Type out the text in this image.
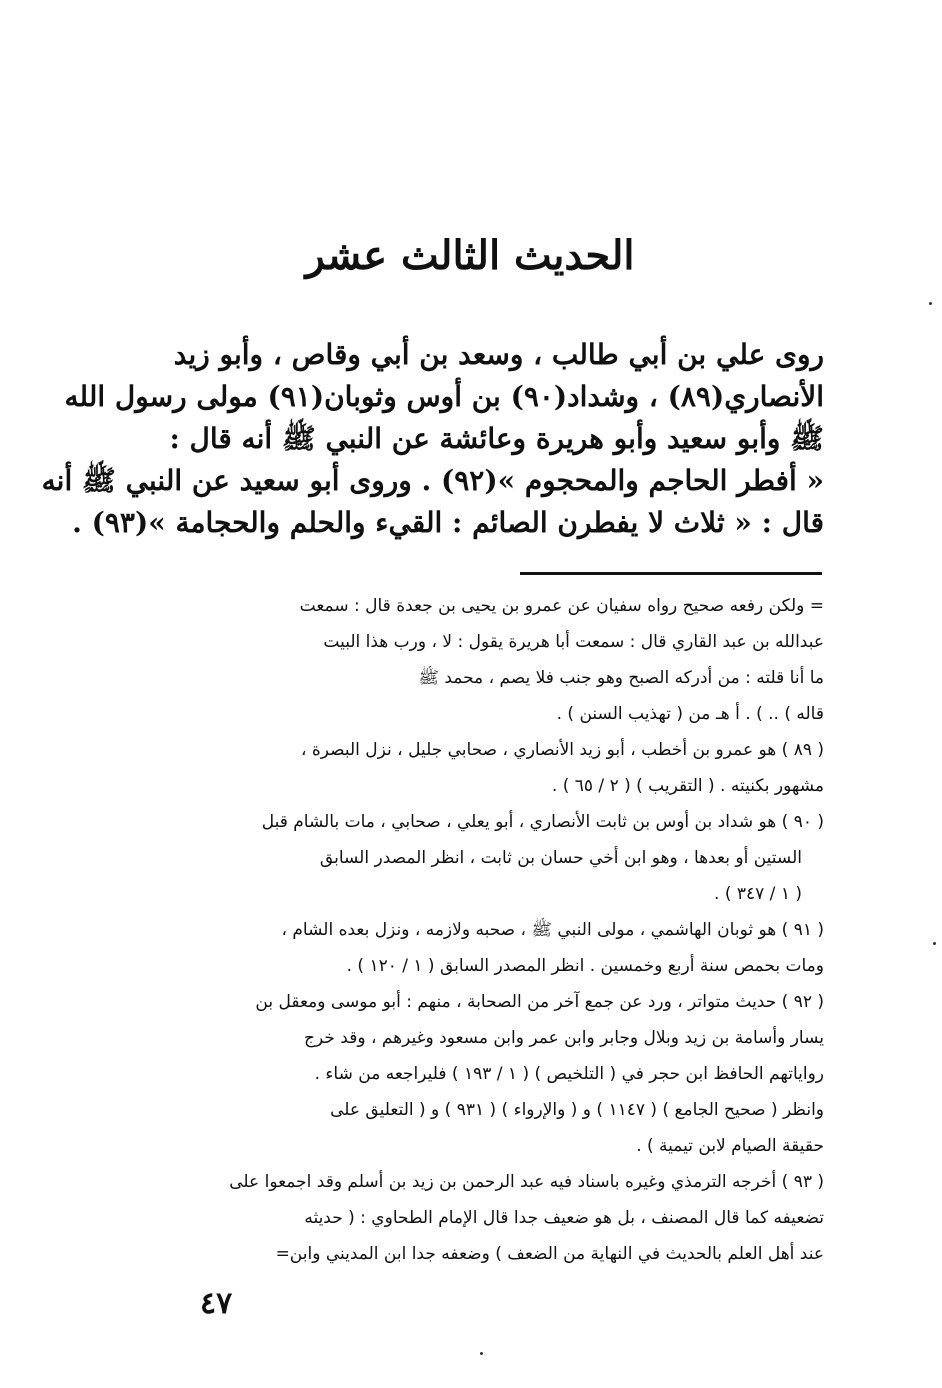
الحديث الثالث عشر
روى علي بن أبي طالب ، وسعد بن أبي وقاص ، وأبو زيد
الأنصاري(٨٩) ، وشداد(٩٠) بن أوس وثوبان(٩١) مولى رسول الله
ﷺ وأبو سعيد وأبو هريرة وعائشة عن النبي ﷺ أنه قال :
« أفطر الحاجم والمحجوم »(٩٢) . وروى أبو سعيد عن النبي ﷺ أنه
قال : « ثلاث لا يفطرن الصائم : القيء والحلم والحجامة »(٩٣) .
= ولكن رفعه صحيح رواه سفيان عن عمرو بن يحيى بن جعدة قال : سمعت
عبدالله بن عبد القاري قال : سمعت أبا هريرة يقول : لا ، ورب هذا البيت
ما أنا قلته : من أدركه الصبح وهو جنب فلا يصم ، محمد ﷺ
قاله ) .. ) . أ هـ من ( تهذيب السنن ) .
( ٨٩ ) هو عمرو بن أخطب ، أبو زيد الأنصاري ، صحابي جليل ، نزل البصرة ،
مشهور بكنيته . ( التقريب ) ( ٢ / ٦٥ ) .
( ٩٠ ) هو شداد بن أوس بن ثابت الأنصاري ، أبو يعلي ، صحابي ، مات بالشام قبل
الستين أو بعدها ، وهو ابن أخي حسان بن ثابت ، انظر المصدر السابق
( ١ / ٣٤٧ ) .
( ٩١ ) هو ثوبان الهاشمي ، مولى النبي ﷺ ، صحبه ولازمه ، ونزل بعده الشام ،
ومات بحمص سنة أربع وخمسين . انظر المصدر السابق ( ١ / ١٢٠ ) .
( ٩٢ ) حديث متواتر ، ورد عن جمع آخر من الصحابة ، منهم : أبو موسى ومعقل بن
يسار وأسامة بن زيد وبلال وجابر وابن عمر وابن مسعود وغيرهم ، وقد خرج
رواياتهم الحافظ ابن حجر في ( التلخيص ) ( ١ / ١٩٣ ) فليراجعه من شاء .
وانظر ( صحيح الجامع ) ( ١١٤٧ ) و ( والإرواء ) ( ٩٣١ ) و ( التعليق على
حقيقة الصيام لابن تيمية ) .
( ٩٣ ) أخرجه الترمذي وغيره باسناد فيه عبد الرحمن بن زيد بن أسلم وقد اجمعوا على
تضعيفه كما قال المصنف ، بل هو ضعيف جدا قال الإمام الطحاوي : ( حديثه
عند أهل العلم بالحديث في النهاية من الضعف ) وضعفه جدا ابن المديني وابن=
٤٧
